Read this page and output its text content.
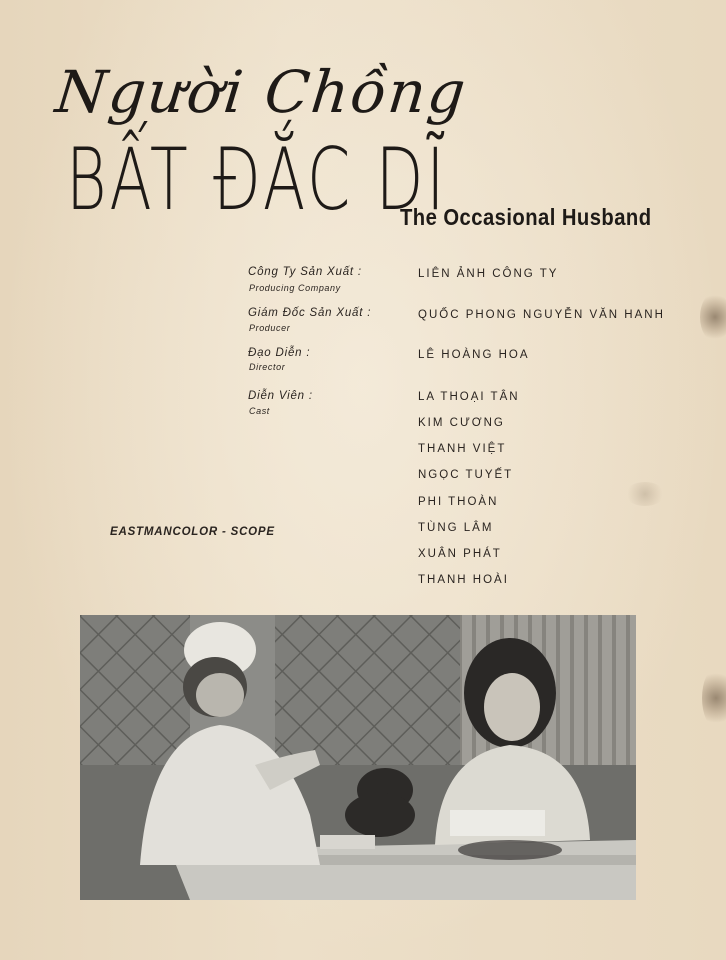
Người Chồng
BẤT ĐẮC DĨ
The Occasional Husband
Công Ty Sản Xuất :
Producing Company
LIÊN ẢNH CÔNG TY
Giám Đốc Sản Xuất :
Producer
QUỐC PHONG NGUYỄN VĂN HANH
Đạo Diễn :
Director
LÊ HOÀNG HOA
Diễn Viên :
Cast
LA THOẠI TÂN
KIM CƯƠNG
THANH VIỆT
NGỌC TUYẾT
PHI THOÀN
TÙNG LÂM
XUÂN PHÁT
THANH HOÀI
EASTMANCOLOR - SCOPE
